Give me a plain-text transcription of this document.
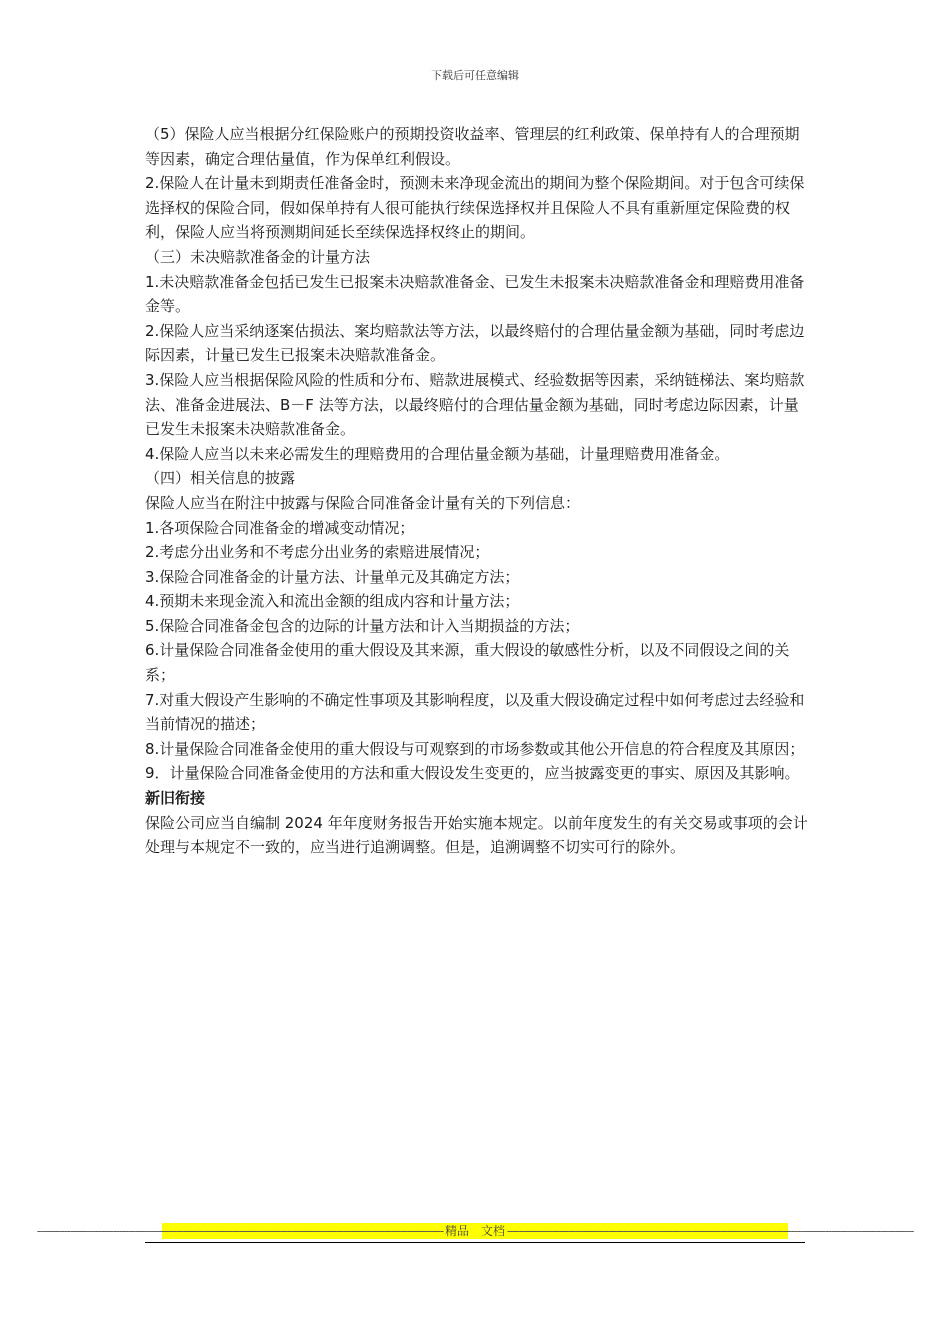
下载后可任意编辑

（5）保险人应当根据分红保险账户的预期投资收益率、管理层的红利政策、保单持有人的合理预期等因素，确定合理估量值，作为保单红利假设。

2.保险人在计量未到期责任准备金时，预测未来净现金流出的期间为整个保险期间。对于包含可续保选择权的保险合同，假如保单持有人很可能执行续保选择权并且保险人不具有重新厘定保险费的权利，保险人应当将预测期间延长至续保选择权终止的期间。

（三）未决赔款准备金的计量方法

1.未决赔款准备金包括已发生已报案未决赔款准备金、已发生未报案未决赔款准备金和理赔费用准备金等。

2.保险人应当采纳逐案估损法、案均赔款法等方法，以最终赔付的合理估量金额为基础，同时考虑边际因素，计量已发生已报案未决赔款准备金。

3.保险人应当根据保险风险的性质和分布、赔款进展模式、经验数据等因素，采纳链梯法、案均赔款法、准备金进展法、B－F 法等方法，以最终赔付的合理估量金额为基础，同时考虑边际因素，计量已发生未报案未决赔款准备金。

4.保险人应当以未来必需发生的理赔费用的合理估量金额为基础，计量理赔费用准备金。

（四）相关信息的披露

保险人应当在附注中披露与保险合同准备金计量有关的下列信息：

1.各项保险合同准备金的增减变动情况；

2.考虑分出业务和不考虑分出业务的索赔进展情况；

3.保险合同准备金的计量方法、计量单元及其确定方法；

4.预期未来现金流入和流出金额的组成内容和计量方法；

5.保险合同准备金包含的边际的计量方法和计入当期损益的方法；

6.计量保险合同准备金使用的重大假设及其来源，重大假设的敏感性分析，以及不同假设之间的关系；

7.对重大假设产生影响的不确定性事项及其影响程度，以及重大假设确定过程中如何考虑过去经验和当前情况的描述；

8.计量保险合同准备金使用的重大假设与可观察到的市场参数或其他公开信息的符合程度及其原因；

9．计量保险合同准备金使用的方法和重大假设发生变更的，应当披露变更的事实、原因及其影响。

新旧衔接

保险公司应当自编制 2024 年年度财务报告开始实施本规定。以前年度发生的有关交易或事项的会计处理与本规定不一致的，应当进行追溯调整。但是，追溯调整不切实可行的除外。

------------------------------------------------------------------------------------------------------------------------------------- 精品　文档 -------------------------------------------------------------------------------------------------------------------------------------
